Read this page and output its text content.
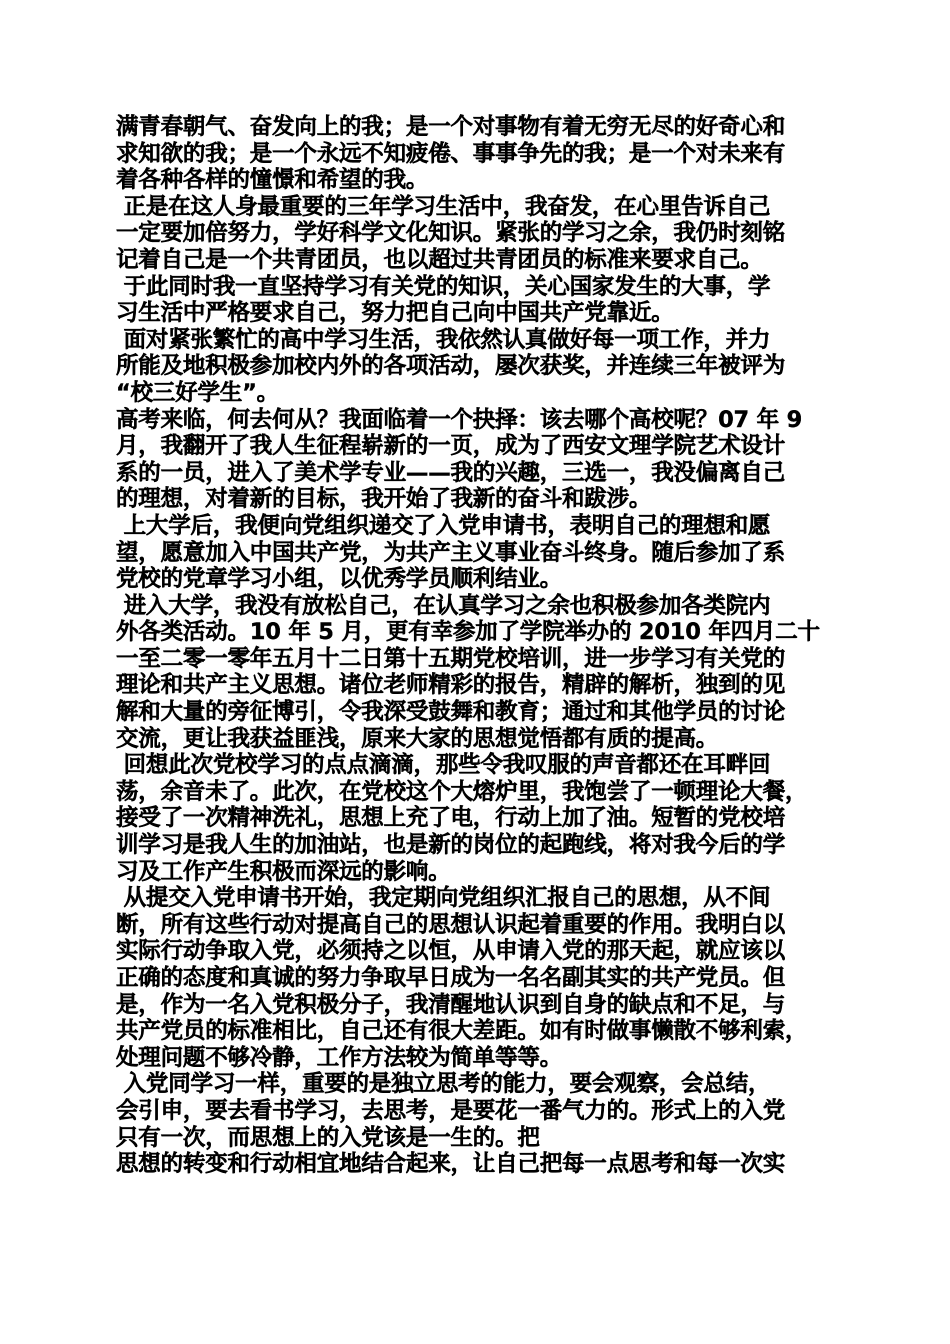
满青春朝气、奋发向上的我；是一个对事物有着无穷无尽的好奇心和
求知欲的我；是一个永远不知疲倦、事事争先的我；是一个对未来有
着各种各样的憧憬和希望的我。
正是在这人身最重要的三年学习生活中，我奋发，在心里告诉自己
一定要加倍努力，学好科学文化知识。紧张的学习之余，我仍时刻铭
记着自己是一个共青团员，也以超过共青团员的标准来要求自己。
于此同时我一直坚持学习有关党的知识，关心国家发生的大事，学
习生活中严格要求自己，努力把自己向中国共产党靠近。
面对紧张繁忙的高中学习生活，我依然认真做好每一项工作，并力
所能及地积极参加校内外的各项活动，屡次获奖，并连续三年被评为
“校三好学生”。
高考来临，何去何从？我面临着一个抉择：该去哪个高校呢？07 年 9
月，我翻开了我人生征程崭新的一页，成为了西安文理学院艺术设计
系的一员，进入了美术学专业——我的兴趣，三选一，我没偏离自己
的理想，对着新的目标，我开始了我新的奋斗和跋涉。
上大学后，我便向党组织递交了入党申请书，表明自己的理想和愿
望，愿意加入中国共产党，为共产主义事业奋斗终身。随后参加了系
党校的党章学习小组，以优秀学员顺利结业。
进入大学，我没有放松自己，在认真学习之余也积极参加各类院内
外各类活动。10 年 5 月，更有幸参加了学院举办的 2010 年四月二十
一至二零一零年五月十二日第十五期党校培训，进一步学习有关党的
理论和共产主义思想。诸位老师精彩的报告，精辟的解析，独到的见
解和大量的旁征博引，令我深受鼓舞和教育；通过和其他学员的讨论
交流，更让我获益匪浅，原来大家的思想觉悟都有质的提高。
回想此次党校学习的点点滴滴，那些令我叹服的声音都还在耳畔回
荡，余音未了。此次，在党校这个大熔炉里，我饱尝了一顿理论大餐，
接受了一次精神洗礼，思想上充了电，行动上加了油。短暂的党校培
训学习是我人生的加油站，也是新的岗位的起跑线，将对我今后的学
习及工作产生积极而深远的影响。
从提交入党申请书开始，我定期向党组织汇报自己的思想，从不间
断，所有这些行动对提高自己的思想认识起着重要的作用。我明白以
实际行动争取入党，必须持之以恒，从申请入党的那天起，就应该以
正确的态度和真诚的努力争取早日成为一名名副其实的共产党员。但
是，作为一名入党积极分子，我清醒地认识到自身的缺点和不足，与
共产党员的标准相比，自己还有很大差距。如有时做事懒散不够利索，
处理问题不够冷静，工作方法较为简单等等。
入党同学习一样，重要的是独立思考的能力，要会观察，会总结，
会引申，要去看书学习，去思考，是要花一番气力的。形式上的入党
只有一次，而思想上的入党该是一生的。把
思想的转变和行动相宜地结合起来，让自己把每一点思考和每一次实
